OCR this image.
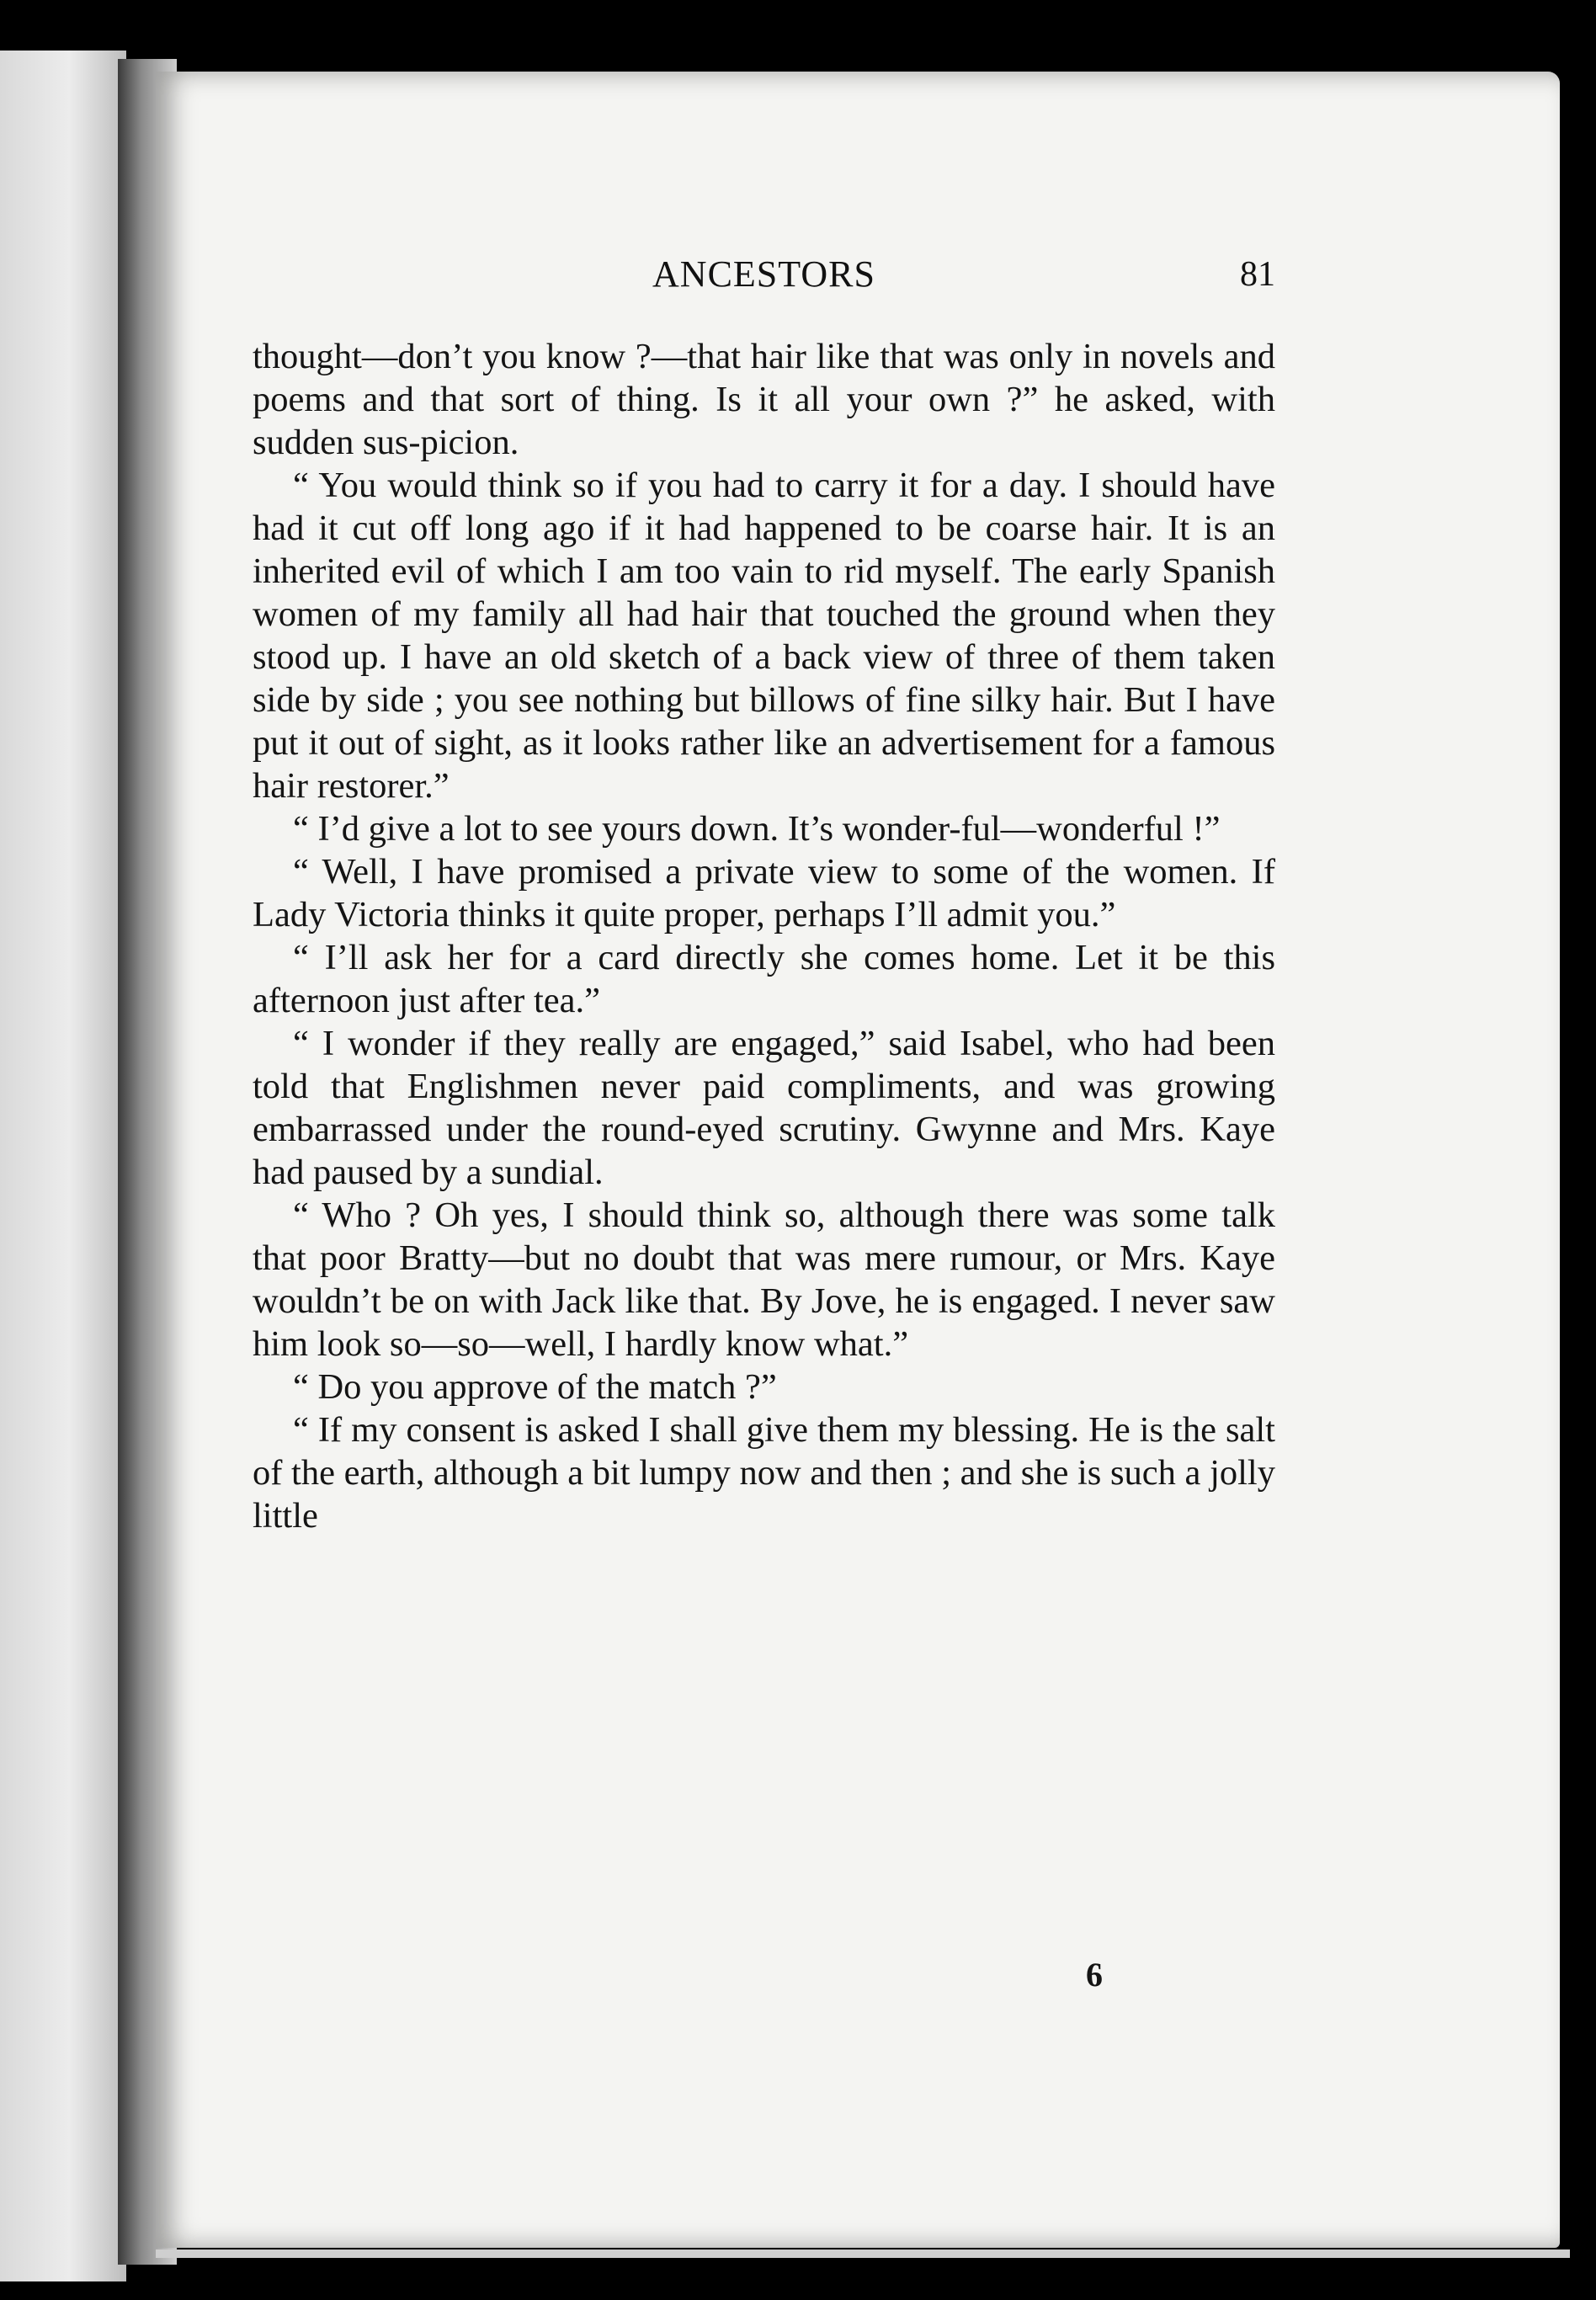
ANCESTORS	81

thought—don’t you know ?—that hair like that was only in novels and poems and that sort of thing. Is it all your own ?” he asked, with sudden sus-picion.

“ You would think so if you had to carry it for a day. I should have had it cut off long ago if it had happened to be coarse hair. It is an inherited evil of which I am too vain to rid myself. The early Spanish women of my family all had hair that touched the ground when they stood up. I have an old sketch of a back view of three of them taken side by side ; you see nothing but billows of fine silky hair. But I have put it out of sight, as it looks rather like an advertisement for a famous hair restorer.”

“ I’d give a lot to see yours down. It’s wonder-ful—wonderful !”

“ Well, I have promised a private view to some of the women. If Lady Victoria thinks it quite proper, perhaps I’ll admit you.”

“ I’ll ask her for a card directly she comes home. Let it be this afternoon just after tea.”

“ I wonder if they really are engaged,” said Isabel, who had been told that Englishmen never paid compliments, and was growing embarrassed under the round-eyed scrutiny. Gwynne and Mrs. Kaye had paused by a sundial.

“ Who ? Oh yes, I should think so, although there was some talk that poor Bratty—but no doubt that was mere rumour, or Mrs. Kaye wouldn’t be on with Jack like that. By Jove, he is engaged. I never saw him look so—so—well, I hardly know what.”

“ Do you approve of the match ?”

“ If my consent is asked I shall give them my blessing. He is the salt of the earth, although a bit lumpy now and then ; and she is such a jolly little

6
